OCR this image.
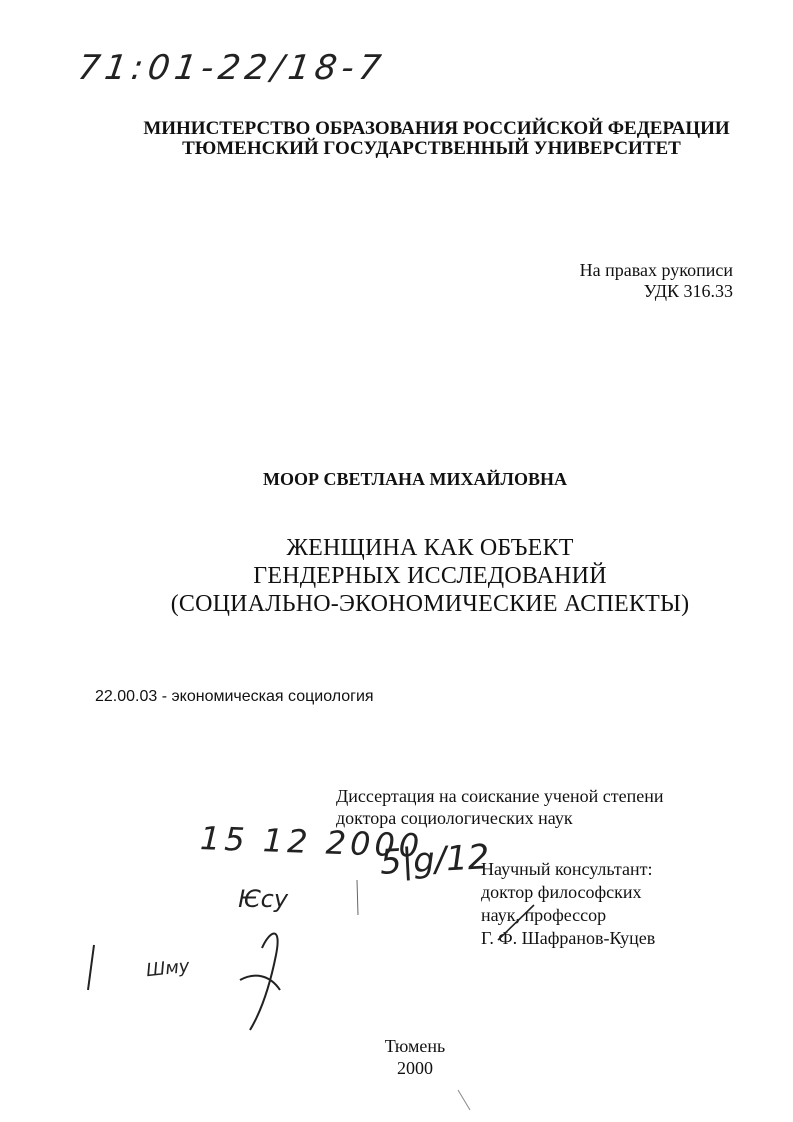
71:01-22/18-7
МИНИСТЕРСТВО ОБРАЗОВАНИЯ РОССИЙСКОЙ ФЕДЕРАЦИИ
ТЮМЕНСКИЙ ГОСУДАРСТВЕННЫЙ УНИВЕРСИТЕТ
На правах рукописи
УДК 316.33
МООР СВЕТЛАНА МИХАЙЛОВНА
ЖЕНЩИНА КАК ОБЪЕКТ
ГЕНДЕРНЫХ ИССЛЕДОВАНИЙ
(СОЦИАЛЬНО-ЭКОНОМИЧЕСКИЕ АСПЕКТЫ)
22.00.03 - экономическая социология
Диссертация на соискание ученой степени
доктора социологических наук
Научный консультант:
доктор философских
наук, профессор
Г. Ф. Шафранов-Куцев
15 12 2000
5|g/12
Ѥсу
Шму
Тюмень
2000
